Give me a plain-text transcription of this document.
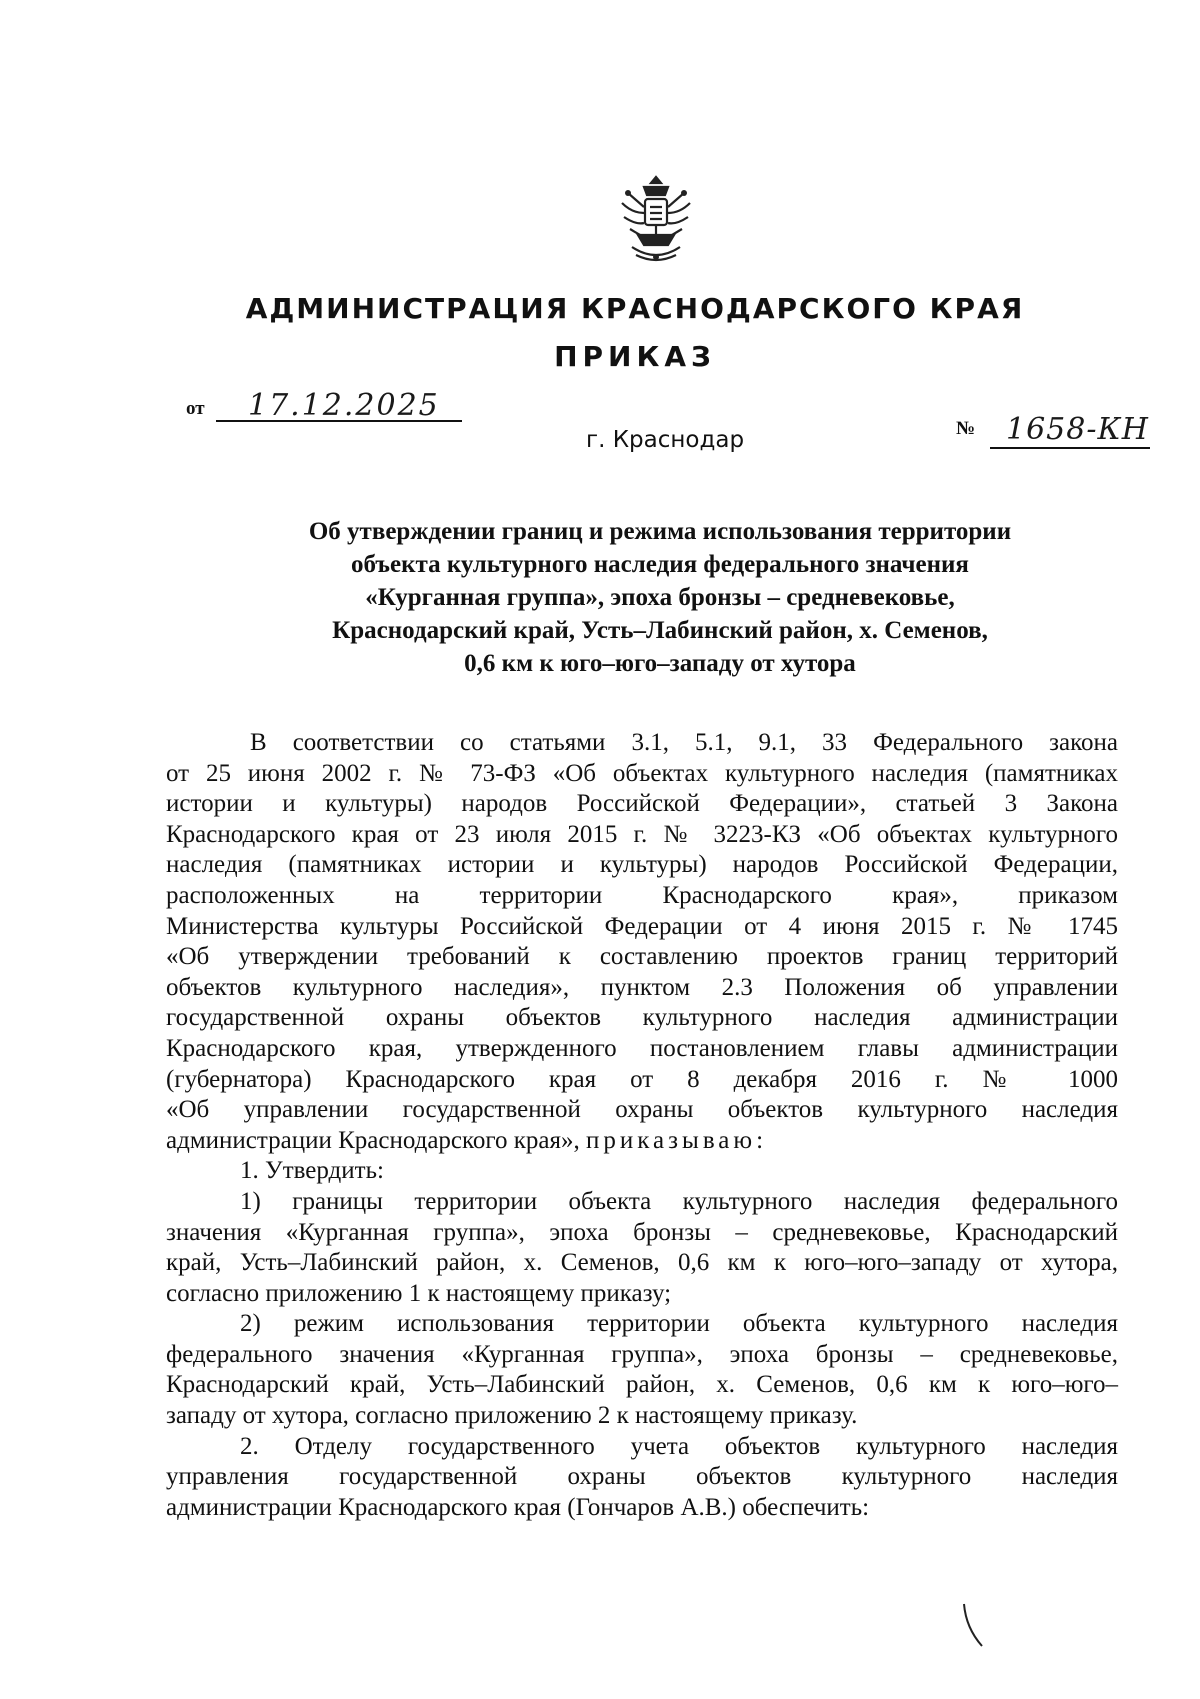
АДМИНИСТРАЦИЯ КРАСНОДАРСКОГО КРАЯ
ПРИКАЗ
от 17.12.2025
г. Краснодар	№ 1658-КН
Об утверждении границ и режима использования территории
объекта культурного наследия федерального значения
«Курганная группа», эпоха бронзы – средневековье,
Краснодарский край, Усть–Лабинский район, х. Семенов,
0,6 км к юго–юго–западу от хутора
В соответствии со статьями 3.1, 5.1, 9.1, 33 Федерального закона
от 25 июня 2002 г. № 73-ФЗ «Об объектах культурного наследия (памятниках
истории и культуры) народов Российской Федерации», статьей 3 Закона
Краснодарского края от 23 июля 2015 г. № 3223-КЗ «Об объектах культурного
наследия (памятниках истории и культуры) народов Российской Федерации,
расположенных на территории Краснодарского края», приказом
Министерства культуры Российской Федерации от 4 июня 2015 г. № 1745
«Об утверждении требований к составлению проектов границ территорий
объектов культурного наследия», пунктом 2.3 Положения об управлении
государственной охраны объектов культурного наследия администрации
Краснодарского края, утвержденного постановлением главы администрации
(губернатора) Краснодарского края от 8 декабря 2016 г. № 1000
«Об управлении государственной охраны объектов культурного наследия
администрации Краснодарского края», приказываю:
1. Утвердить:
1) границы территории объекта культурного наследия федерального
значения «Курганная группа», эпоха бронзы – средневековье, Краснодарский
край, Усть–Лабинский район, х. Семенов, 0,6 км к юго–юго–западу от хутора,
согласно приложению 1 к настоящему приказу;
2) режим использования территории объекта культурного наследия
федерального значения «Курганная группа», эпоха бронзы – средневековье,
Краснодарский край, Усть–Лабинский район, х. Семенов, 0,6 км к юго–юго–
западу от хутора, согласно приложению 2 к настоящему приказу.
2. Отделу государственного учета объектов культурного наследия
управления государственной охраны объектов культурного наследия
администрации Краснодарского края (Гончаров А.В.) обеспечить:
